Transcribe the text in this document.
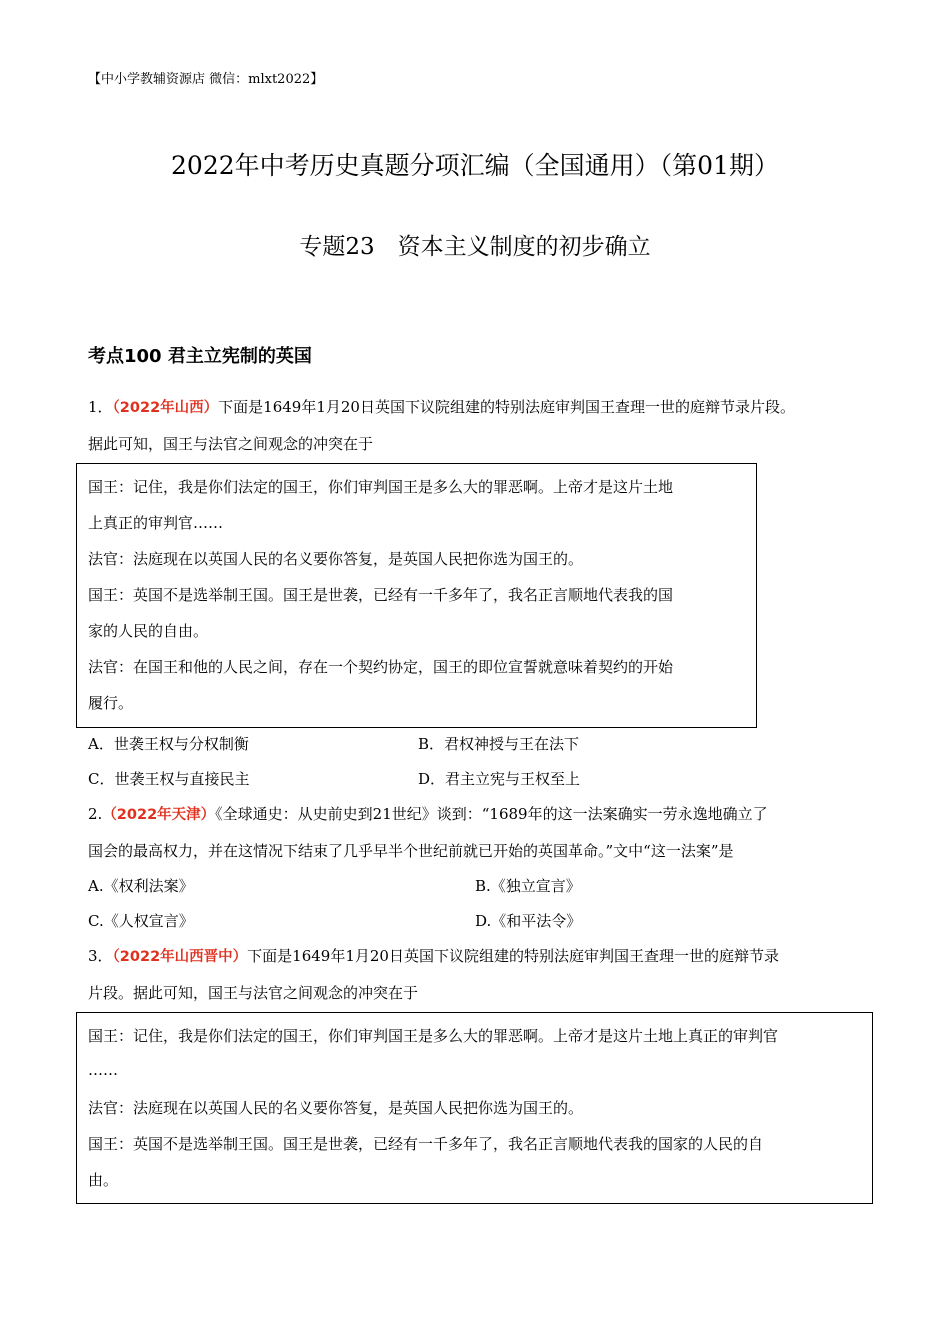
【中小学教辅资源店 微信：mlxt2022】
2022年中考历史真题分项汇编（全国通用）（第01期）
专题23　资本主义制度的初步确立
考点100 君主立宪制的英国
1．（2022年山西）下面是1649年1月20日英国下议院组建的特别法庭审判国王查理一世的庭辩节录片段。
据此可知，国王与法官之间观念的冲突在于
国王：记住，我是你们法定的国王，你们审判国王是多么大的罪恶啊。上帝才是这片土地
上真正的审判官……
法官：法庭现在以英国人民的名义要你答复，是英国人民把你选为国王的。
国王：英国不是选举制王国。国王是世袭，已经有一千多年了，我名正言顺地代表我的国
家的人民的自由。
法官：在国王和他的人民之间，存在一个契约协定，国王的即位宣誓就意味着契约的开始
履行。
A．世袭王权与分权制衡	B．君权神授与王在法下
C．世袭王权与直接民主	D．君主立宪与王权至上
2.（2022年天津）《全球通史：从史前史到21世纪》谈到：“1689年的这一法案确实一劳永逸地确立了
国会的最高权力，并在这情况下结束了几乎早半个世纪前就已开始的英国革命。”文中“这一法案”是
A.《权利法案》	B.《独立宣言》
C.《人权宣言》	D.《和平法令》
3．（2022年山西晋中）下面是1649年1月20日英国下议院组建的特别法庭审判国王查理一世的庭辩节录
片段。据此可知，国王与法官之间观念的冲突在于
国王：记住，我是你们法定的国王，你们审判国王是多么大的罪恶啊。上帝才是这片土地上真正的审判官
……
法官：法庭现在以英国人民的名义要你答复，是英国人民把你选为国王的。
国王：英国不是选举制王国。国王是世袭，已经有一千多年了，我名正言顺地代表我的国家的人民的自
由。
